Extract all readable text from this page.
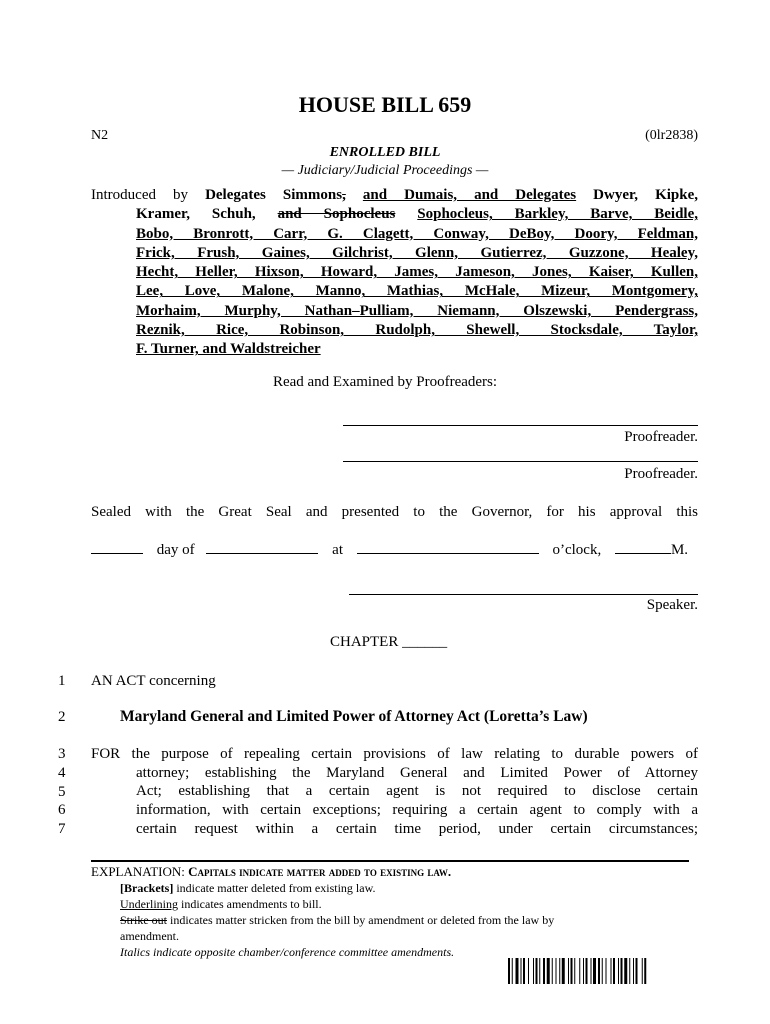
HOUSE BILL 659
N2	(0lr2838)
ENROLLED BILL
— Judiciary/Judicial Proceedings —
Introduced by Delegates Simmons, and Dumais, and Delegates Dwyer, Kipke,
Kramer, Schuh, and Sophocleus Sophocleus, Barkley, Barve, Beidle,
Bobo, Bronrott, Carr, G. Clagett, Conway, DeBoy, Doory, Feldman,
Frick, Frush, Gaines, Gilchrist, Glenn, Gutierrez, Guzzone, Healey,
Hecht, Heller, Hixson, Howard, James, Jameson, Jones, Kaiser, Kullen,
Lee, Love, Malone, Manno, Mathias, McHale, Mizeur, Montgomery,
Morhaim, Murphy, Nathan–Pulliam, Niemann, Olszewski, Pendergrass,
Reznik, Rice, Robinson, Rudolph, Shewell, Stocksdale, Taylor,
F. Turner, and Waldstreicher
Read and Examined by Proofreaders:
Proofreader.
Proofreader.
Sealed with the Great Seal and presented to the Governor, for his approval this
day of	at	o’clock,	M.
Speaker.
CHAPTER ______
1 AN ACT concerning
2	Maryland General and Limited Power of Attorney Act (Loretta’s Law)
3
4
5
6
7
FOR the purpose of repealing certain provisions of law relating to durable powers of
attorney; establishing the Maryland General and Limited Power of Attorney
Act; establishing that a certain agent is not required to disclose certain
information, with certain exceptions; requiring a certain agent to comply with a
certain request within a certain time period, under certain circumstances;
EXPLANATION: Capitals indicate matter added to existing law.
[Brackets] indicate matter deleted from existing law.
Underlining indicates amendments to bill.
Strike out indicates matter stricken from the bill by amendment or deleted from the law by
amendment.
Italics indicate opposite chamber/conference committee amendments.
